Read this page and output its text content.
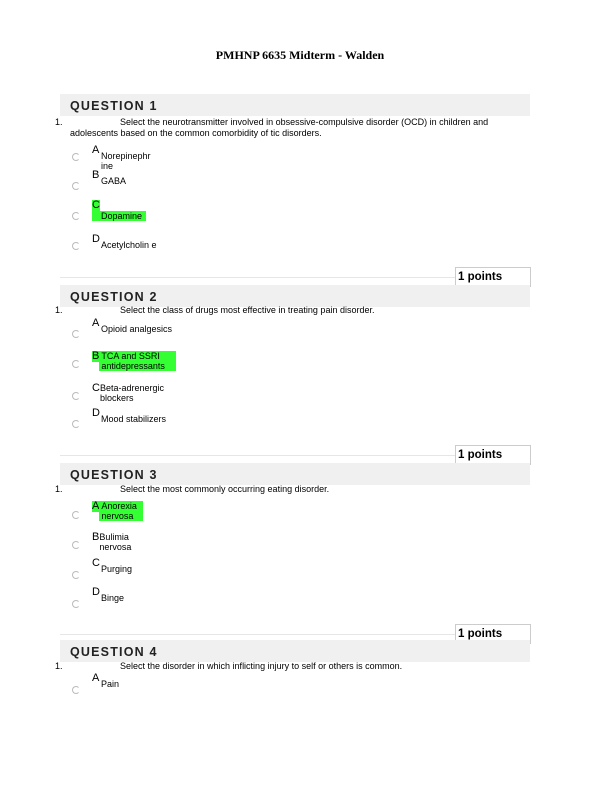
PMHNP 6635 Midterm - Walden
QUESTION 1
1.	Select the neurotransmitter involved in obsessive-compulsive disorder (OCD) in children and adolescents based on the common comorbidity of tic disorders.
A Norepinephr ine
B GABA
C
Dopamine
D Acetylcholin e
1 points
QUESTION 2
1.	Select the class of drugs most effective in treating pain disorder.
A Opioid analgesics
B TCA and SSRI antidepressants
C Beta-adrenergic blockers
D Mood stabilizers
1 points
QUESTION 3
1.	Select the most commonly occurring eating disorder.
A Anorexia nervosa
B Bulimia nervosa
C Purging
D Binge
1 points
QUESTION 4
1.	Select the disorder in which inflicting injury to self or others is common.
A Pain
